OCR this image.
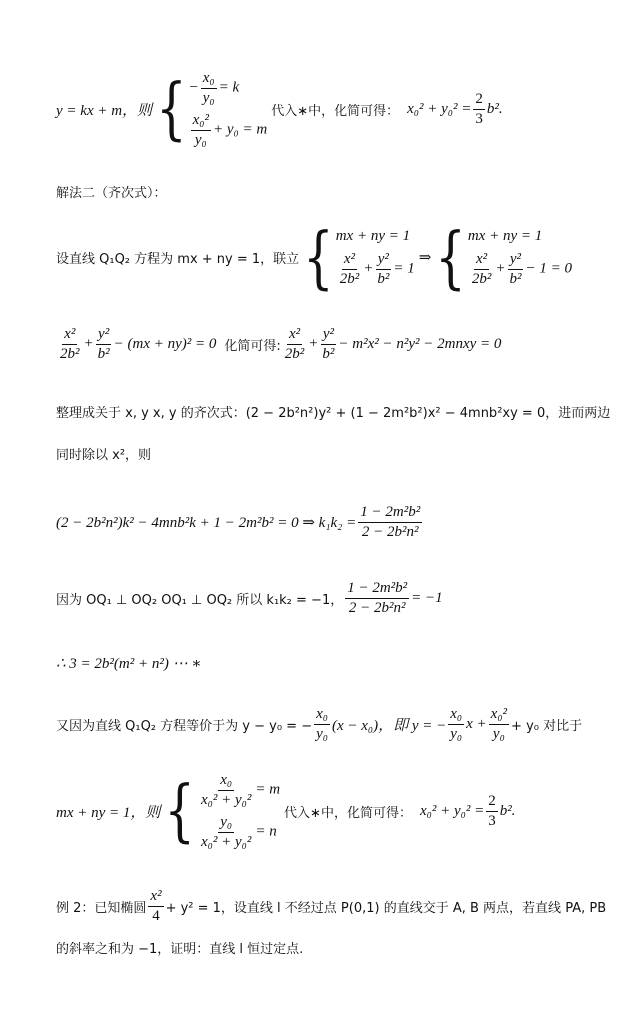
y = kx + m，则 { − $\frac{\text{x₀}}{\text{y₀}} = k$
$\frac{\text{x₀²}}{\text{y₀}} + y_0 = m$
代入∗中，化简可得： $x_0^2 + y_0^2 = \frac{2}{3} b^2$.
解法二（齐次式）：
设直线 Q₁Q₂ 方程为 mx + ny = 1，联立 { mx + ny = 1
$\frac{\text{x²}}{\text{2b²}} + \frac{\text{y²}}{\text{b²}} = 1$
⇒ { mx + ny = 1
$\frac{\text{x²}}{\text{2b²}} + \frac{\text{y²}}{\text{b²}} - 1 = 0$
$\frac{\text{x²}}{\text{2b²}} + \frac{\text{y²}}{\text{b²}} - (mx + ny)^2 = 0$ 化简可得: $\frac{\text{x²}}{\text{2b²}} + \frac{\text{y²}}{\text{b²}} - m^2x^2 - n^2y^2$ − 2mnxy = 0
整理成关于 x, y x, y 的齐次式：(2 − 2b²n²)y² + (1 − 2m²b²)x² − 4mnb²xy = 0，进而两边
同时除以 x²，则
(2 − 2b²n²)k² − 4mnb²k + 1 − 2m²b² = 0 ⇒ $k_1k_2 = \frac{\text{1 − 2m²b²}}{\text{2 − 2b²n²}}$
因为 OQ₁ ⊥ OQ₂ OQ₁ ⊥ OQ₂ 所以 k₁k₂ = −1， $\frac{\text{1 − 2m²b²}}{\text{2 − 2b²n²}} = -1$
∴ 3 = 2b²(m² + n²) ⋯ ∗
又因为直线 Q₁Q₂ 方程等价于为 y − y₀ = − $\frac{\text{x₀}}{\text{y₀}} (x - x_0)$，即 y = − $\frac{\text{x₀}}{\text{y₀}}$ $x + \frac{\text{x₀²}}{\text{y₀}} + y_0$ 对比于
mx + ny = 1，则 { $\frac{\text{x₀}}{\text{x₀² + y₀²}} = m$
$\frac{\text{y₀}}{\text{x₀² + y₀²}} = n$
代入∗中，化简可得： $x_0^2 + y_0^2 = \frac{2}{3} b^2$.
例 2：已知椭圆 $\frac{\text{x²}}{4} + y^2 = 1$，设直线 l 不经过点 P(0,1) 的直线交于 A, B 两点，若直线 PA, PB
的斜率之和为 −1，证明：直线 l 恒过定点.
